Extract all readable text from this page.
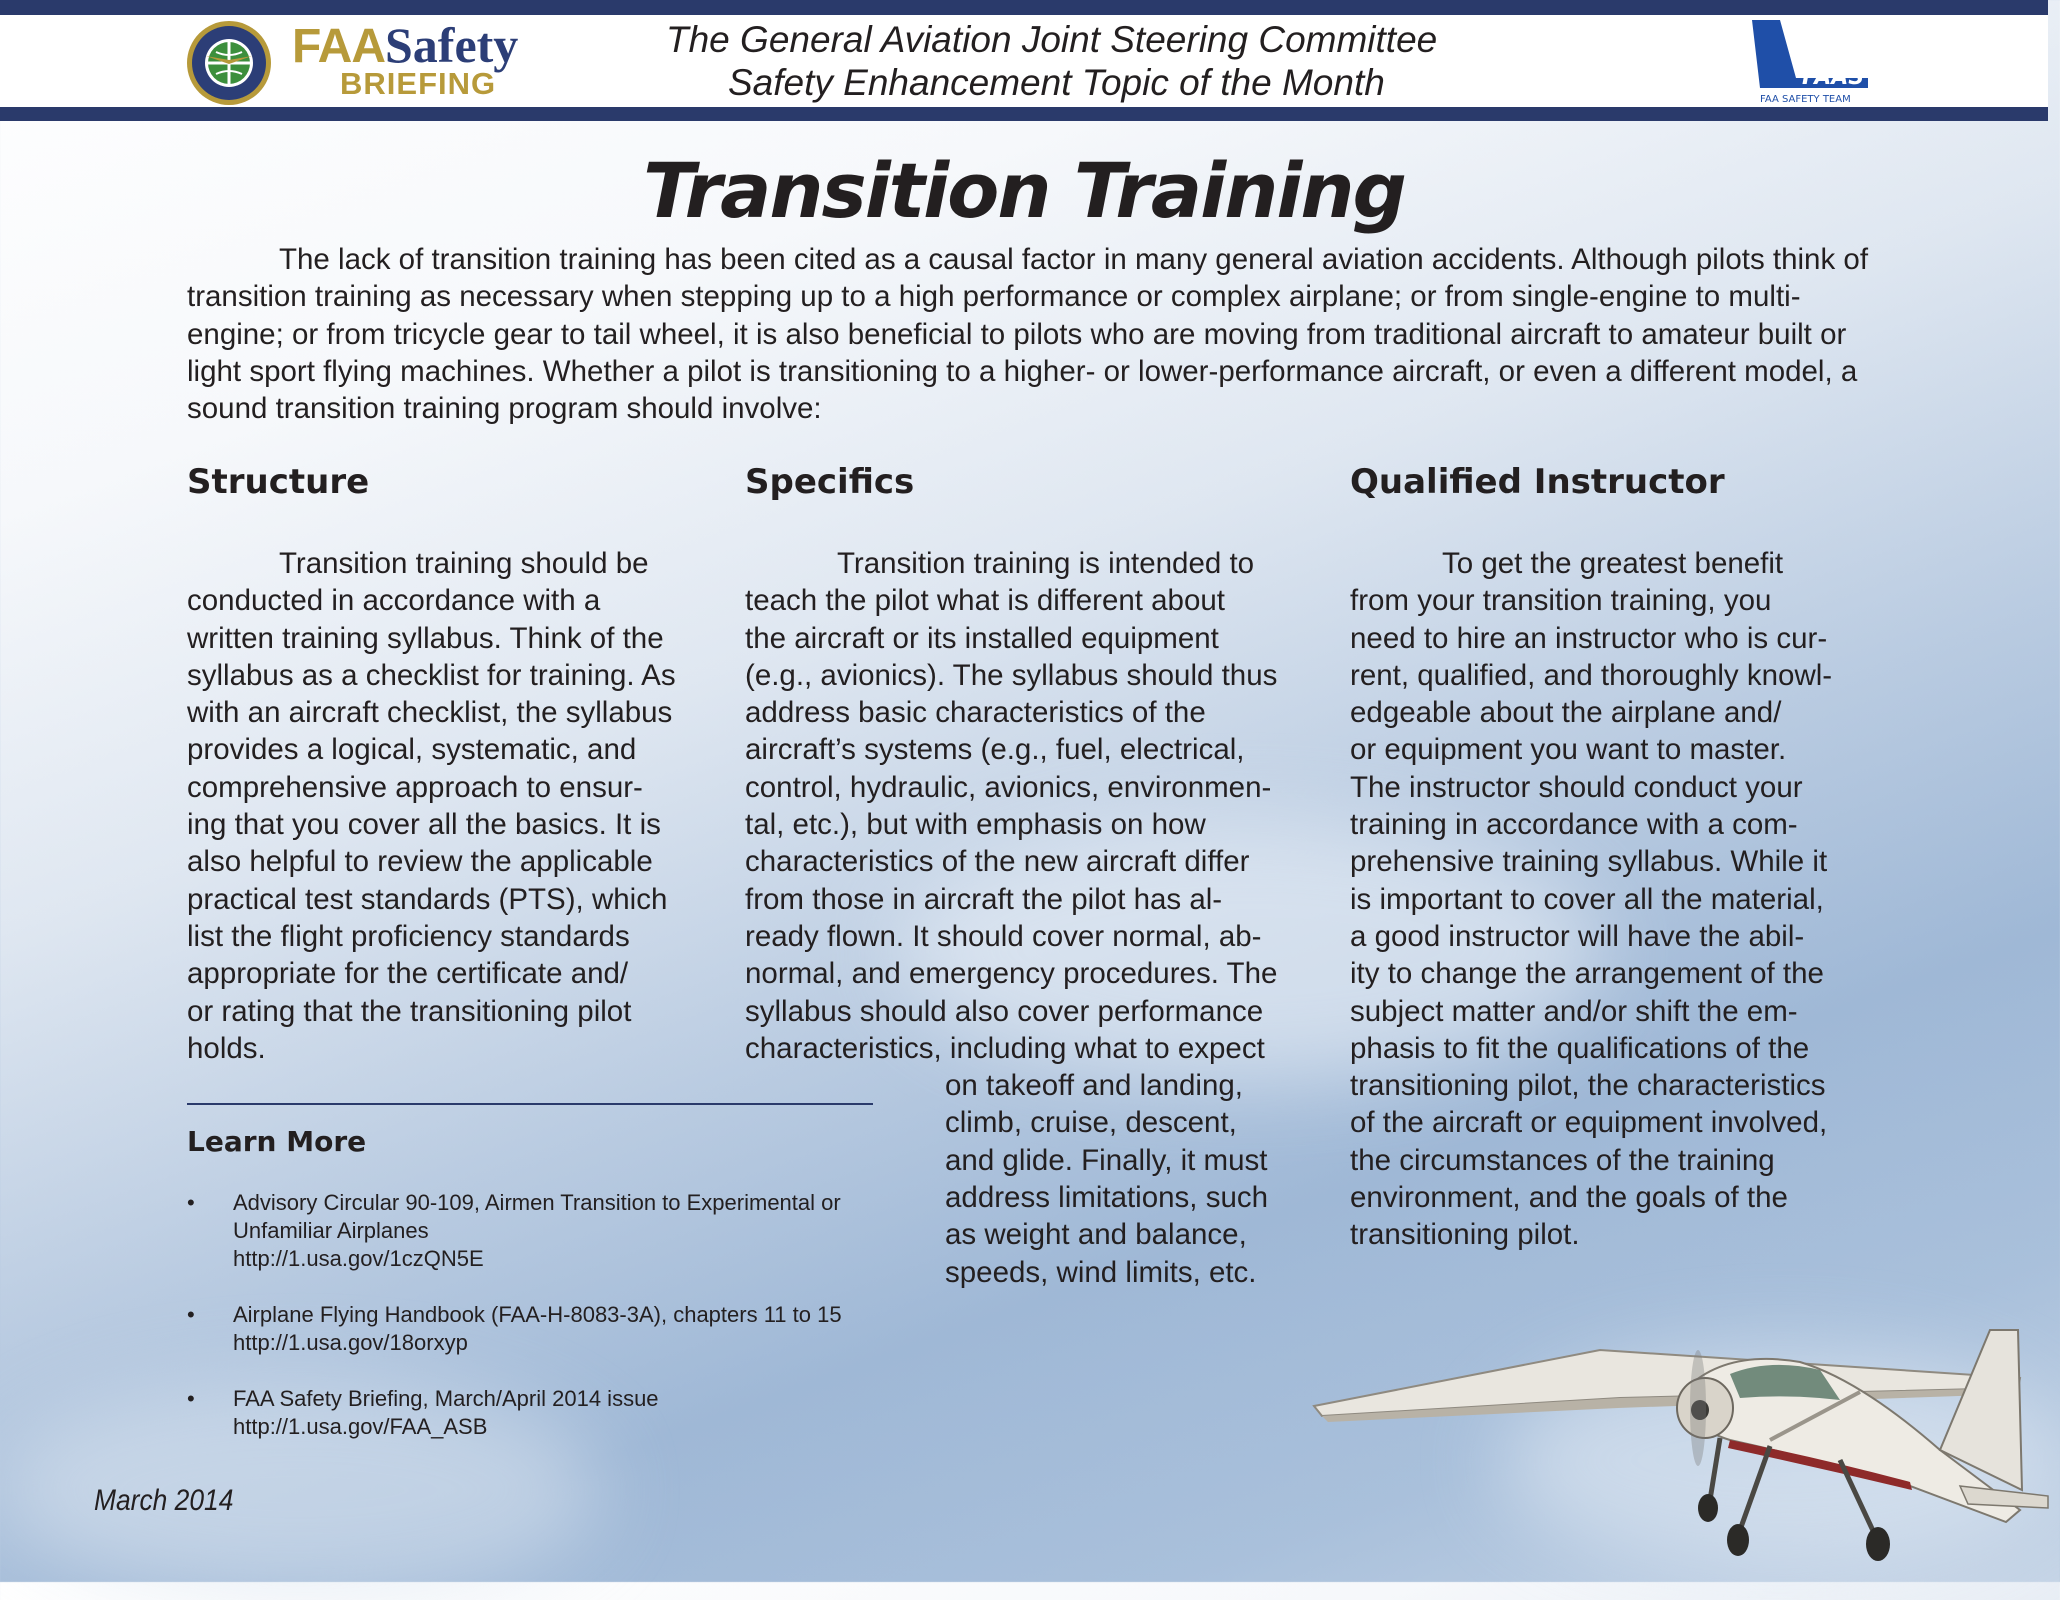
FAASafety
BRIEFING
The General Aviation Joint Steering Committee
Safety Enhancement Topic of the Month	FAAST
FAA SAFETY TEAM
Transition Training

The lack of transition training has been cited as a causal factor in many general aviation accidents. Although pilots think of transition training as necessary when stepping up to a high performance or complex airplane; or from single-engine to multi-engine; or from tricycle gear to tail wheel, it is also beneficial to pilots who are moving from traditional aircraft to amateur built or light sport flying machines. Whether a pilot is transitioning to a higher- or lower-performance aircraft, or even a different model, a sound transition training program should involve:

Structure	Specifics	Qualified Instructor
Transition training should be
conducted in accordance with a
written training syllabus. Think of the
syllabus as a checklist for training. As
with an aircraft checklist, the syllabus
provides a logical, systematic, and
comprehensive approach to ensur-
ing that you cover all the basics. It is
also helpful to review the applicable
practical test standards (PTS), which
list the flight proficiency standards
appropriate for the certificate and/
or rating that the transitioning pilot
holds.
Transition training is intended to
teach the pilot what is different about
the aircraft or its installed equipment
(e.g., avionics). The syllabus should thus
address basic characteristics of the
aircraft’s systems (e.g., fuel, electrical,
control, hydraulic, avionics, environmen-
tal, etc.), but with emphasis on how
characteristics of the new aircraft differ
from those in aircraft the pilot has al-
ready flown. It should cover normal, ab-
normal, and emergency procedures. The
syllabus should also cover performance
characteristics, including what to expect
on takeoff and landing,
climb, cruise, descent,
and glide. Finally, it must
address limitations, such
as weight and balance,
speeds, wind limits, etc.
To get the greatest benefit
from your transition training, you
need to hire an instructor who is cur-
rent, qualified, and thoroughly knowl-
edgeable about the airplane and/
or equipment you want to master.
The instructor should conduct your
training in accordance with a com-
prehensive training syllabus. While it
is important to cover all the material,
a good instructor will have the abil-
ity to change the arrangement of the
subject matter and/or shift the em-
phasis to fit the qualifications of the
transitioning pilot, the characteristics
of the aircraft or equipment involved,
the circumstances of the training
environment, and the goals of the
transitioning pilot.
Learn More
• Advisory Circular 90-109, Airmen Transition to Experimental or
Unfamiliar Airplanes
http://1.usa.gov/1czQN5E
• Airplane Flying Handbook (FAA-H-8083-3A), chapters 11 to 15
http://1.usa.gov/18orxyp
• FAA Safety Briefing, March/April 2014 issue
http://1.usa.gov/FAA_ASB
March 2014
